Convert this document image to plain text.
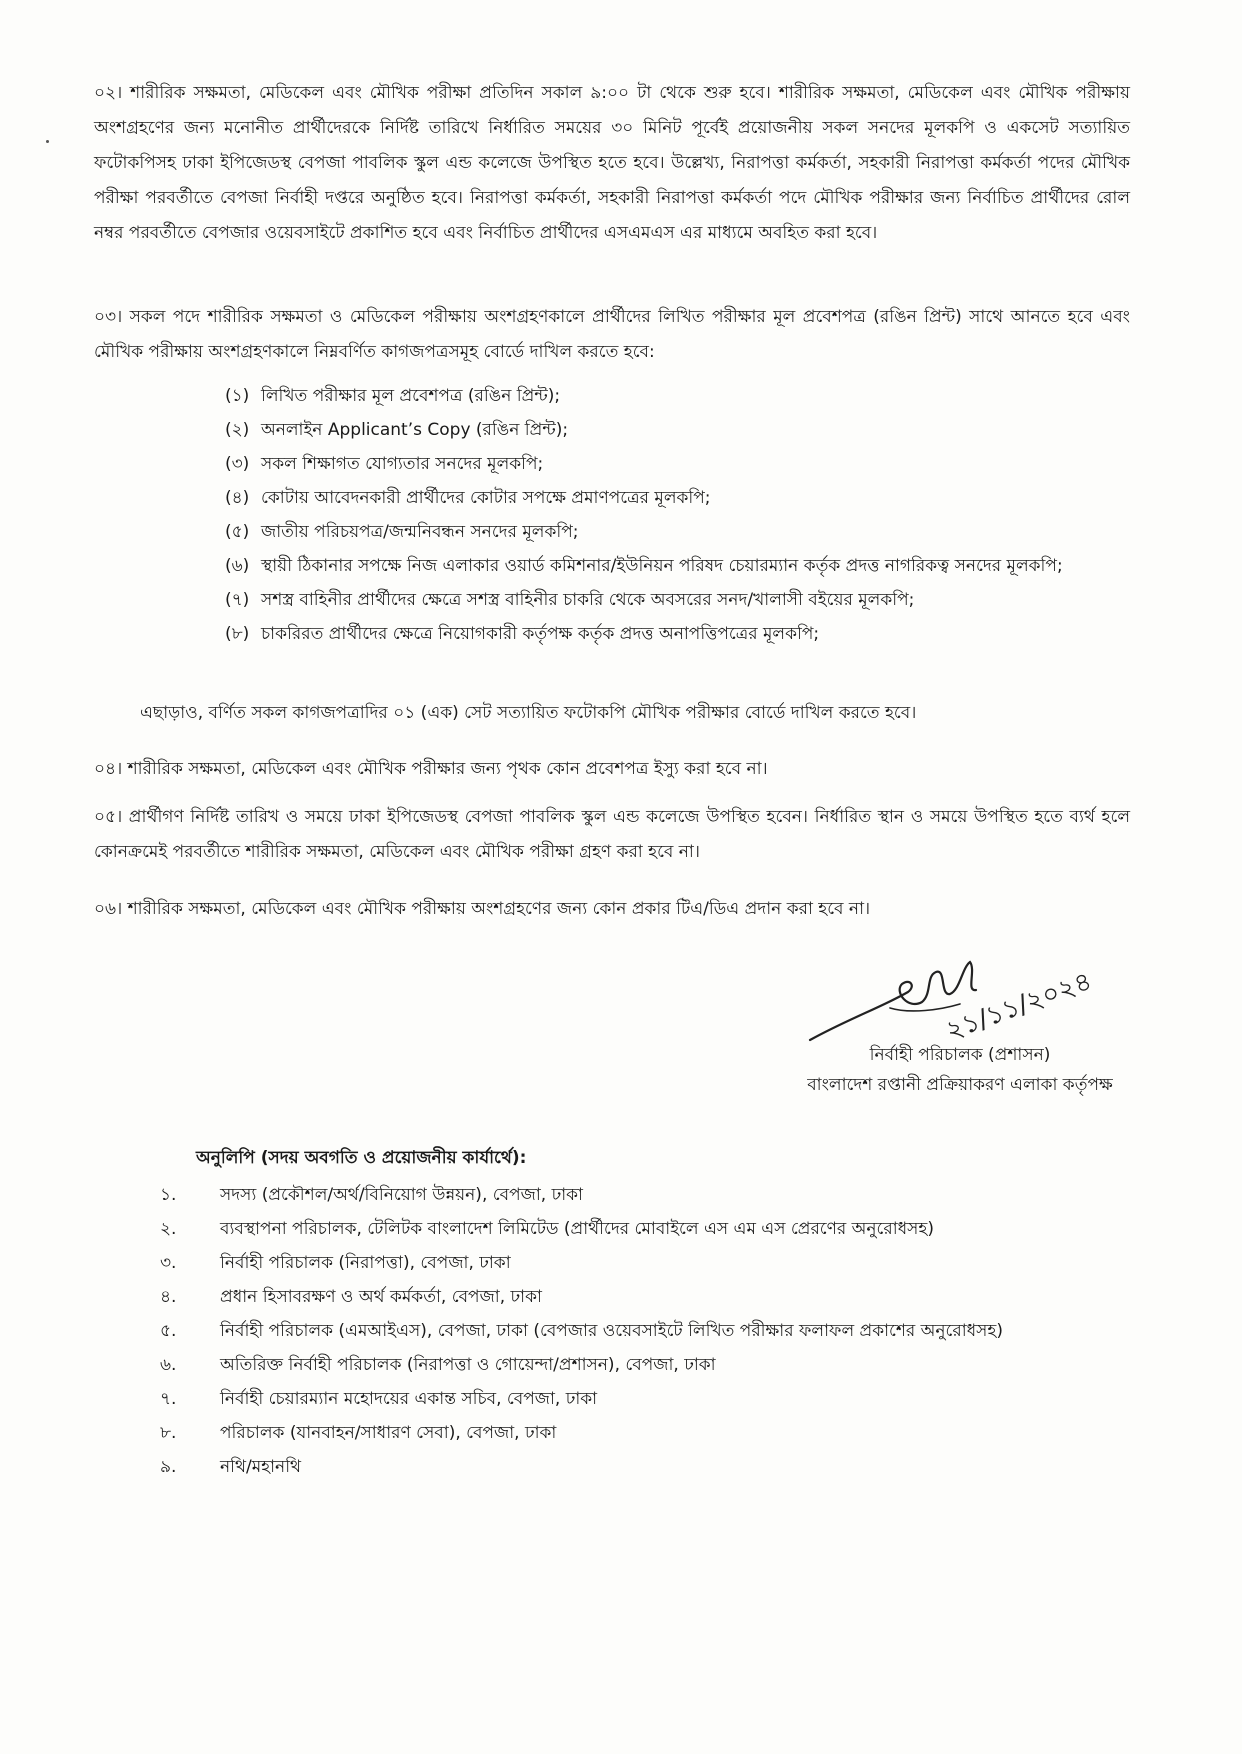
০২। শারীরিক সক্ষমতা, মেডিকেল এবং মৌখিক পরীক্ষা প্রতিদিন সকাল ৯:০০ টা থেকে শুরু হবে। শারীরিক সক্ষমতা, মেডিকেল এবং মৌখিক পরীক্ষায় অংশগ্রহণের জন্য মনোনীত প্রার্থীদেরকে নির্দিষ্ট তারিখে নির্ধারিত সময়ের ৩০ মিনিট পূর্বেই প্রয়োজনীয় সকল সনদের মূলকপি ও একসেট সত্যায়িত ফটোকপিসহ ঢাকা ইপিজেডস্থ বেপজা পাবলিক স্কুল এন্ড কলেজে উপস্থিত হতে হবে। উল্লেখ্য, নিরাপত্তা কর্মকর্তা, সহকারী নিরাপত্তা কর্মকর্তা পদের মৌখিক পরীক্ষা পরবর্তীতে বেপজা নির্বাহী দপ্তরে অনুষ্ঠিত হবে। নিরাপত্তা কর্মকর্তা, সহকারী নিরাপত্তা কর্মকর্তা পদে মৌখিক পরীক্ষার জন্য নির্বাচিত প্রার্থীদের রোল নম্বর পরবর্তীতে বেপজার ওয়েবসাইটে প্রকাশিত হবে এবং নির্বাচিত প্রার্থীদের এসএমএস এর মাধ্যমে অবহিত করা হবে।

০৩। সকল পদে শারীরিক সক্ষমতা ও মেডিকেল পরীক্ষায় অংশগ্রহণকালে প্রার্থীদের লিখিত পরীক্ষার মূল প্রবেশপত্র (রঙিন প্রিন্ট) সাথে আনতে হবে এবং মৌখিক পরীক্ষায় অংশগ্রহণকালে নিম্নবর্ণিত কাগজপত্রসমূহ বোর্ডে দাখিল করতে হবে:

(১) লিখিত পরীক্ষার মূল প্রবেশপত্র (রঙিন প্রিন্ট);
(২) অনলাইন Applicant’s Copy (রঙিন প্রিন্ট);
(৩) সকল শিক্ষাগত যোগ্যতার সনদের মূলকপি;
(৪) কোটায় আবেদনকারী প্রার্থীদের কোটার সপক্ষে প্রমাণপত্রের মূলকপি;
(৫) জাতীয় পরিচয়পত্র/জন্মনিবন্ধন সনদের মূলকপি;
(৬) স্থায়ী ঠিকানার সপক্ষে নিজ এলাকার ওয়ার্ড কমিশনার/ইউনিয়ন পরিষদ চেয়ারম্যান কর্তৃক প্রদত্ত নাগরিকত্ব সনদের মূলকপি;
(৭) সশস্ত্র বাহিনীর প্রার্থীদের ক্ষেত্রে সশস্ত্র বাহিনীর চাকরি থেকে অবসরের সনদ/খালাসী বইয়ের মূলকপি;
(৮) চাকরিরত প্রার্থীদের ক্ষেত্রে নিয়োগকারী কর্তৃপক্ষ কর্তৃক প্রদত্ত অনাপত্তিপত্রের মূলকপি;

এছাড়াও, বর্ণিত সকল কাগজপত্রাদির ০১ (এক) সেট সত্যায়িত ফটোকপি মৌখিক পরীক্ষার বোর্ডে দাখিল করতে হবে।

০৪। শারীরিক সক্ষমতা, মেডিকেল এবং মৌখিক পরীক্ষার জন্য পৃথক কোন প্রবেশপত্র ইস্যু করা হবে না।

০৫। প্রার্থীগণ নির্দিষ্ট তারিখ ও সময়ে ঢাকা ইপিজেডস্থ বেপজা পাবলিক স্কুল এন্ড কলেজে উপস্থিত হবেন। নির্ধারিত স্থান ও সময়ে উপস্থিত হতে ব্যর্থ হলে কোনক্রমেই পরবর্তীতে শারীরিক সক্ষমতা, মেডিকেল এবং মৌখিক পরীক্ষা গ্রহণ করা হবে না।

০৬। শারীরিক সক্ষমতা, মেডিকেল এবং মৌখিক পরীক্ষায় অংশগ্রহণের জন্য কোন প্রকার টিএ/ডিএ প্রদান করা হবে না।

২১/১১/২০২৪
নির্বাহী পরিচালক (প্রশাসন)
বাংলাদেশ রপ্তানী প্রক্রিয়াকরণ এলাকা কর্তৃপক্ষ

অনুলিপি (সদয় অবগতি ও প্রয়োজনীয় কার্যার্থে):

১.	সদস্য (প্রকৌশল/অর্থ/বিনিয়োগ উন্নয়ন), বেপজা, ঢাকা
২.	ব্যবস্থাপনা পরিচালক, টেলিটক বাংলাদেশ লিমিটেড (প্রার্থীদের মোবাইলে এস এম এস প্রেরণের অনুরোধসহ)
৩.	নির্বাহী পরিচালক (নিরাপত্তা), বেপজা, ঢাকা
৪.	প্রধান হিসাবরক্ষণ ও অর্থ কর্মকর্তা, বেপজা, ঢাকা
৫.	নির্বাহী পরিচালক (এমআইএস), বেপজা, ঢাকা (বেপজার ওয়েবসাইটে লিখিত পরীক্ষার ফলাফল প্রকাশের অনুরোধসহ)
৬.	অতিরিক্ত নির্বাহী পরিচালক (নিরাপত্তা ও গোয়েন্দা/প্রশাসন), বেপজা, ঢাকা
৭.	নির্বাহী চেয়ারম্যান মহোদয়ের একান্ত সচিব, বেপজা, ঢাকা
৮.	পরিচালক (যানবাহন/সাধারণ সেবা), বেপজা, ঢাকা
৯.	নথি/মহানথি
